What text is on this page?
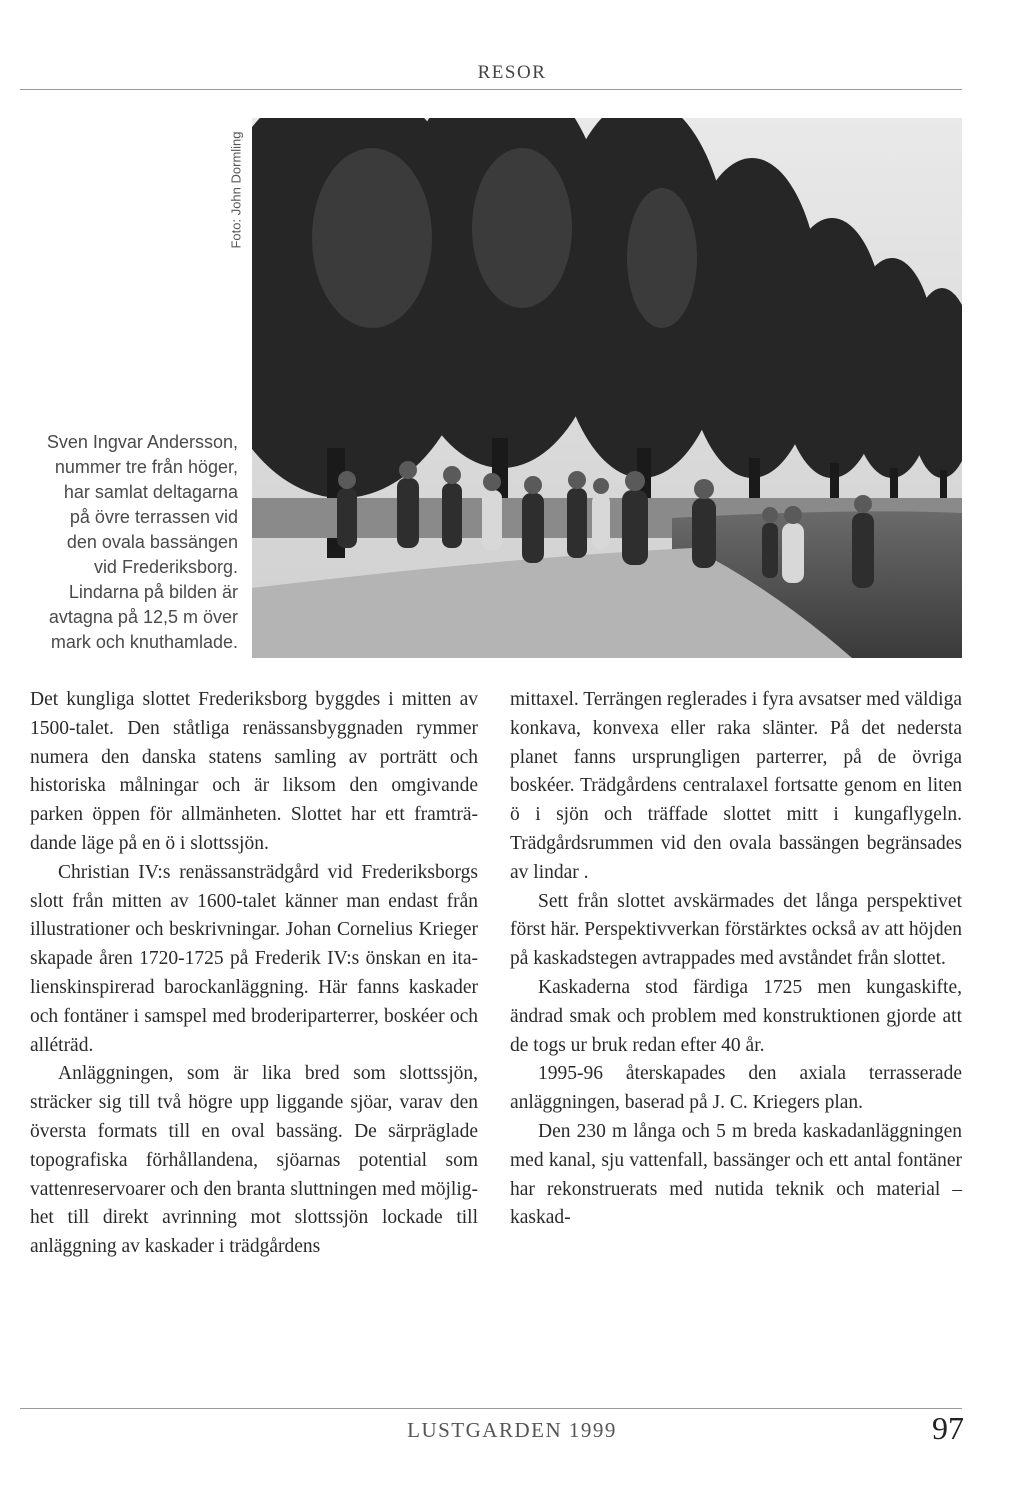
RESOR
Foto: John Dormling
Sven Ingvar Andersson,
nummer tre från höger,
har samlat deltagarna
på övre terrassen vid
den ovala bassängen
vid Frederiksborg.
Lindarna på bilden är
avtagna på 12,5 m över
mark och knuthamlade.

Det kungliga slottet Frederiksborg byggdes i mitten av 1500-talet. Den ståtliga renässansbyggnaden rymmer numera den danska statens samling av porträtt och historiska målningar och är liksom den omgivande parken öppen för allmänheten. Slottet har ett framträdande läge på en ö i slottssjön.

Christian IV:s renässansträdgård vid Frederiksborgs slott från mitten av 1600-talet känner man endast från illustrationer och beskrivningar. Johan Cornelius Krieger skapade åren 1720-1725 på Frederik IV:s önskan en italienskinspirerad barockanläggning. Här fanns kaskader och fontäner i samspel med broderiparterrer, boskéer och alléträd.

Anläggningen, som är lika bred som slottssjön, sträcker sig till två högre upp liggande sjöar, varav den översta formats till en oval bassäng. De särpräglade topografiska förhållandena, sjöarnas potential som vattenreservoarer och den branta sluttningen med möjlighet till direkt avrinning mot slottssjön lockade till anläggning av kaskader i trädgårdens

mittaxel. Terrängen reglerades i fyra avsatser med väldiga konkava, konvexa eller raka slänter. På det nedersta planet fanns ursprungligen parterrer, på de övriga boskéer. Trädgårdens centralaxel fortsatte genom en liten ö i sjön och träffade slottet mitt i kungaflygeln. Trädgårdsrummen vid den ovala bassängen begränsades av lindar .

Sett från slottet avskärmades det långa perspektivet först här. Perspektivverkan förstärktes också av att höjden på kaskadstegen avtrappades med avståndet från slottet.

Kaskaderna stod färdiga 1725 men kungaskifte, ändrad smak och problem med konstruktionen gjorde att de togs ur bruk redan efter 40 år.

1995-96 återskapades den axiala terrasserade anläggningen, baserad på J. C. Kriegers plan.

Den 230 m långa och 5 m breda kaskadanläggningen med kanal, sju vattenfall, bassänger och ett antal fontäner har rekonstruerats med nutida teknik och material – kaskad-

LUSTGARDEN 1999	97
